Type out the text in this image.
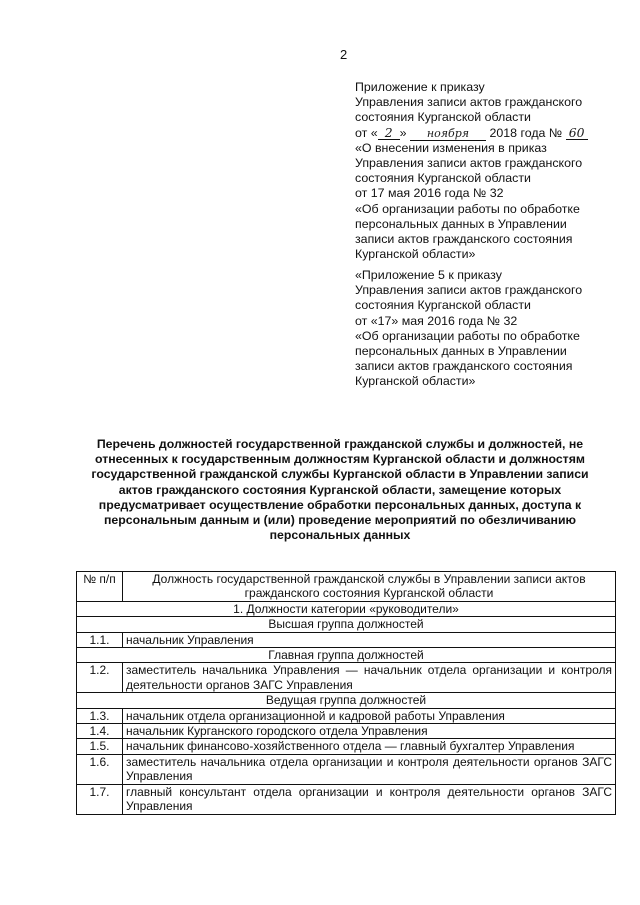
2
Приложение к приказу
Управления записи актов гражданского
состояния Курганской области
от « 2 » ноября 2018 года № 60
«О внесении изменения в приказ
Управления записи актов гражданского
состояния Курганской области
от 17 мая 2016 года № 32
«Об организации работы по обработке
персональных данных в Управлении
записи актов гражданского состояния
Курганской области»
«Приложение 5 к приказу
Управления записи актов гражданского
состояния Курганской области
от «17» мая 2016 года № 32
«Об организации работы по обработке
персональных данных в Управлении
записи актов гражданского состояния
Курганской области»
Перечень должностей государственной гражданской службы и должностей, не
отнесенных к государственным должностям Курганской области и должностям
государственной гражданской службы Курганской области в Управлении записи
актов гражданского состояния Курганской области, замещение которых
предусматривает осуществление обработки персональных данных, доступа к
персональным данным и (или) проведение мероприятий по обезличиванию
персональных данных
№ п/п	Должность государственной гражданской службы в Управлении записи актов гражданского состояния Курганской области
1. Должности категории «руководители»	
Высшая группа должностей	
1.1.	начальник Управления
Главная группа должностей	
1.2.	заместитель начальника Управления — начальник отдела организации и контроля деятельности органов ЗАГС Управления
Ведущая группа должностей	
1.3.	начальник отдела организационной и кадровой работы Управления
1.4.	начальник Курганского городского отдела Управления
1.5.	начальник финансово-хозяйственного отдела — главный бухгалтер Управления
1.6.	заместитель начальника отдела организации и контроля деятельности органов ЗАГС Управления
1.7.	главный консультант отдела организации и контроля деятельности органов ЗАГС Управления
